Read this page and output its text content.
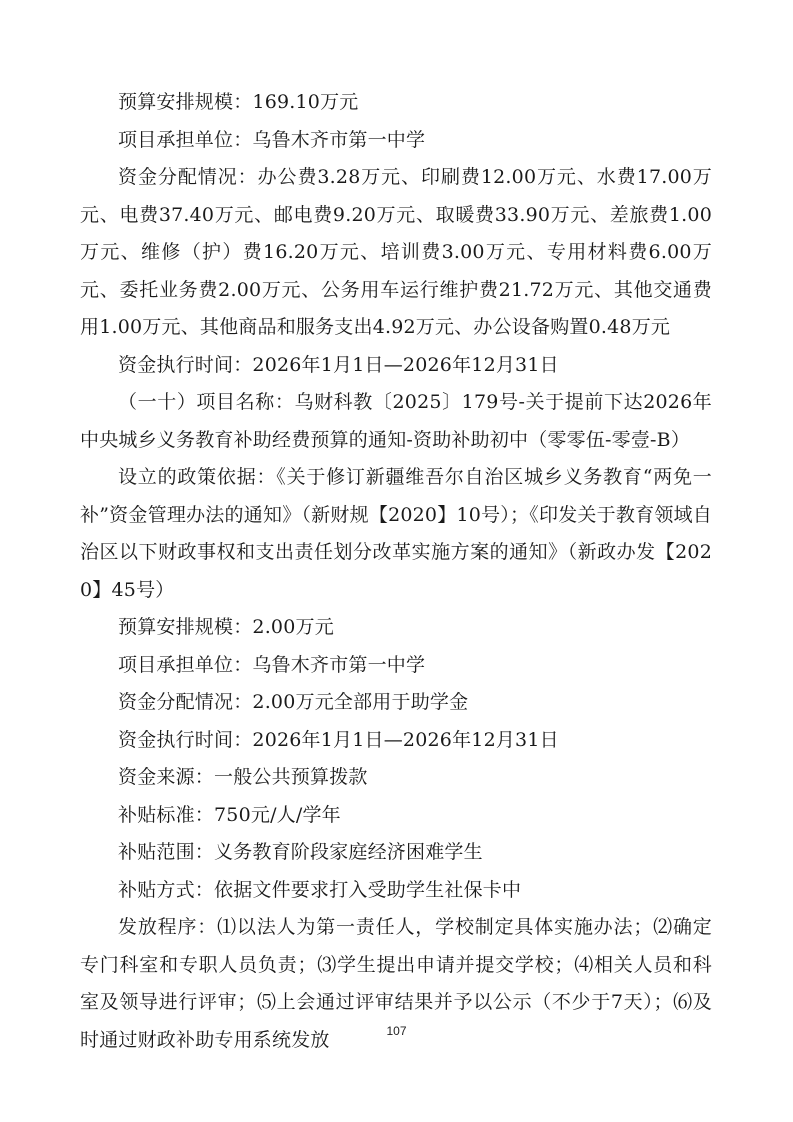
预算安排规模：169.10万元

项目承担单位：乌鲁木齐市第一中学

资金分配情况：办公费3.28万元、印刷费12.00万元、水费17.00万元、电费37.40万元、邮电费9.20万元、取暖费33.90万元、差旅费1.00万元、维修（护）费16.20万元、培训费3.00万元、专用材料费6.00万元、委托业务费2.00万元、公务用车运行维护费21.72万元、其他交通费用1.00万元、其他商品和服务支出4.92万元、办公设备购置0.48万元

资金执行时间：2026年1月1日—2026年12月31日

（一十）项目名称：乌财科教〔2025〕179号-关于提前下达2026年中央城乡义务教育补助经费预算的通知-资助补助初中（零零伍-零壹-B）

设立的政策依据：《关于修订新疆维吾尔自治区城乡义务教育“两免一补”资金管理办法的通知》（新财规【2020】10号）；《印发关于教育领域自治区以下财政事权和支出责任划分改革实施方案的通知》（新政办发【2020】45号）

预算安排规模：2.00万元

项目承担单位：乌鲁木齐市第一中学

资金分配情况：2.00万元全部用于助学金

资金执行时间：2026年1月1日—2026年12月31日

资金来源：一般公共预算拨款

补贴标准：750元/人/学年

补贴范围：义务教育阶段家庭经济困难学生

补贴方式：依据文件要求打入受助学生社保卡中

发放程序：⑴以法人为第一责任人，学校制定具体实施办法；⑵确定专门科室和专职人员负责；⑶学生提出申请并提交学校；⑷相关人员和科室及领导进行评审；⑸上会通过评审结果并予以公示（不少于7天）；⑹及时通过财政补助专用系统发放	107
